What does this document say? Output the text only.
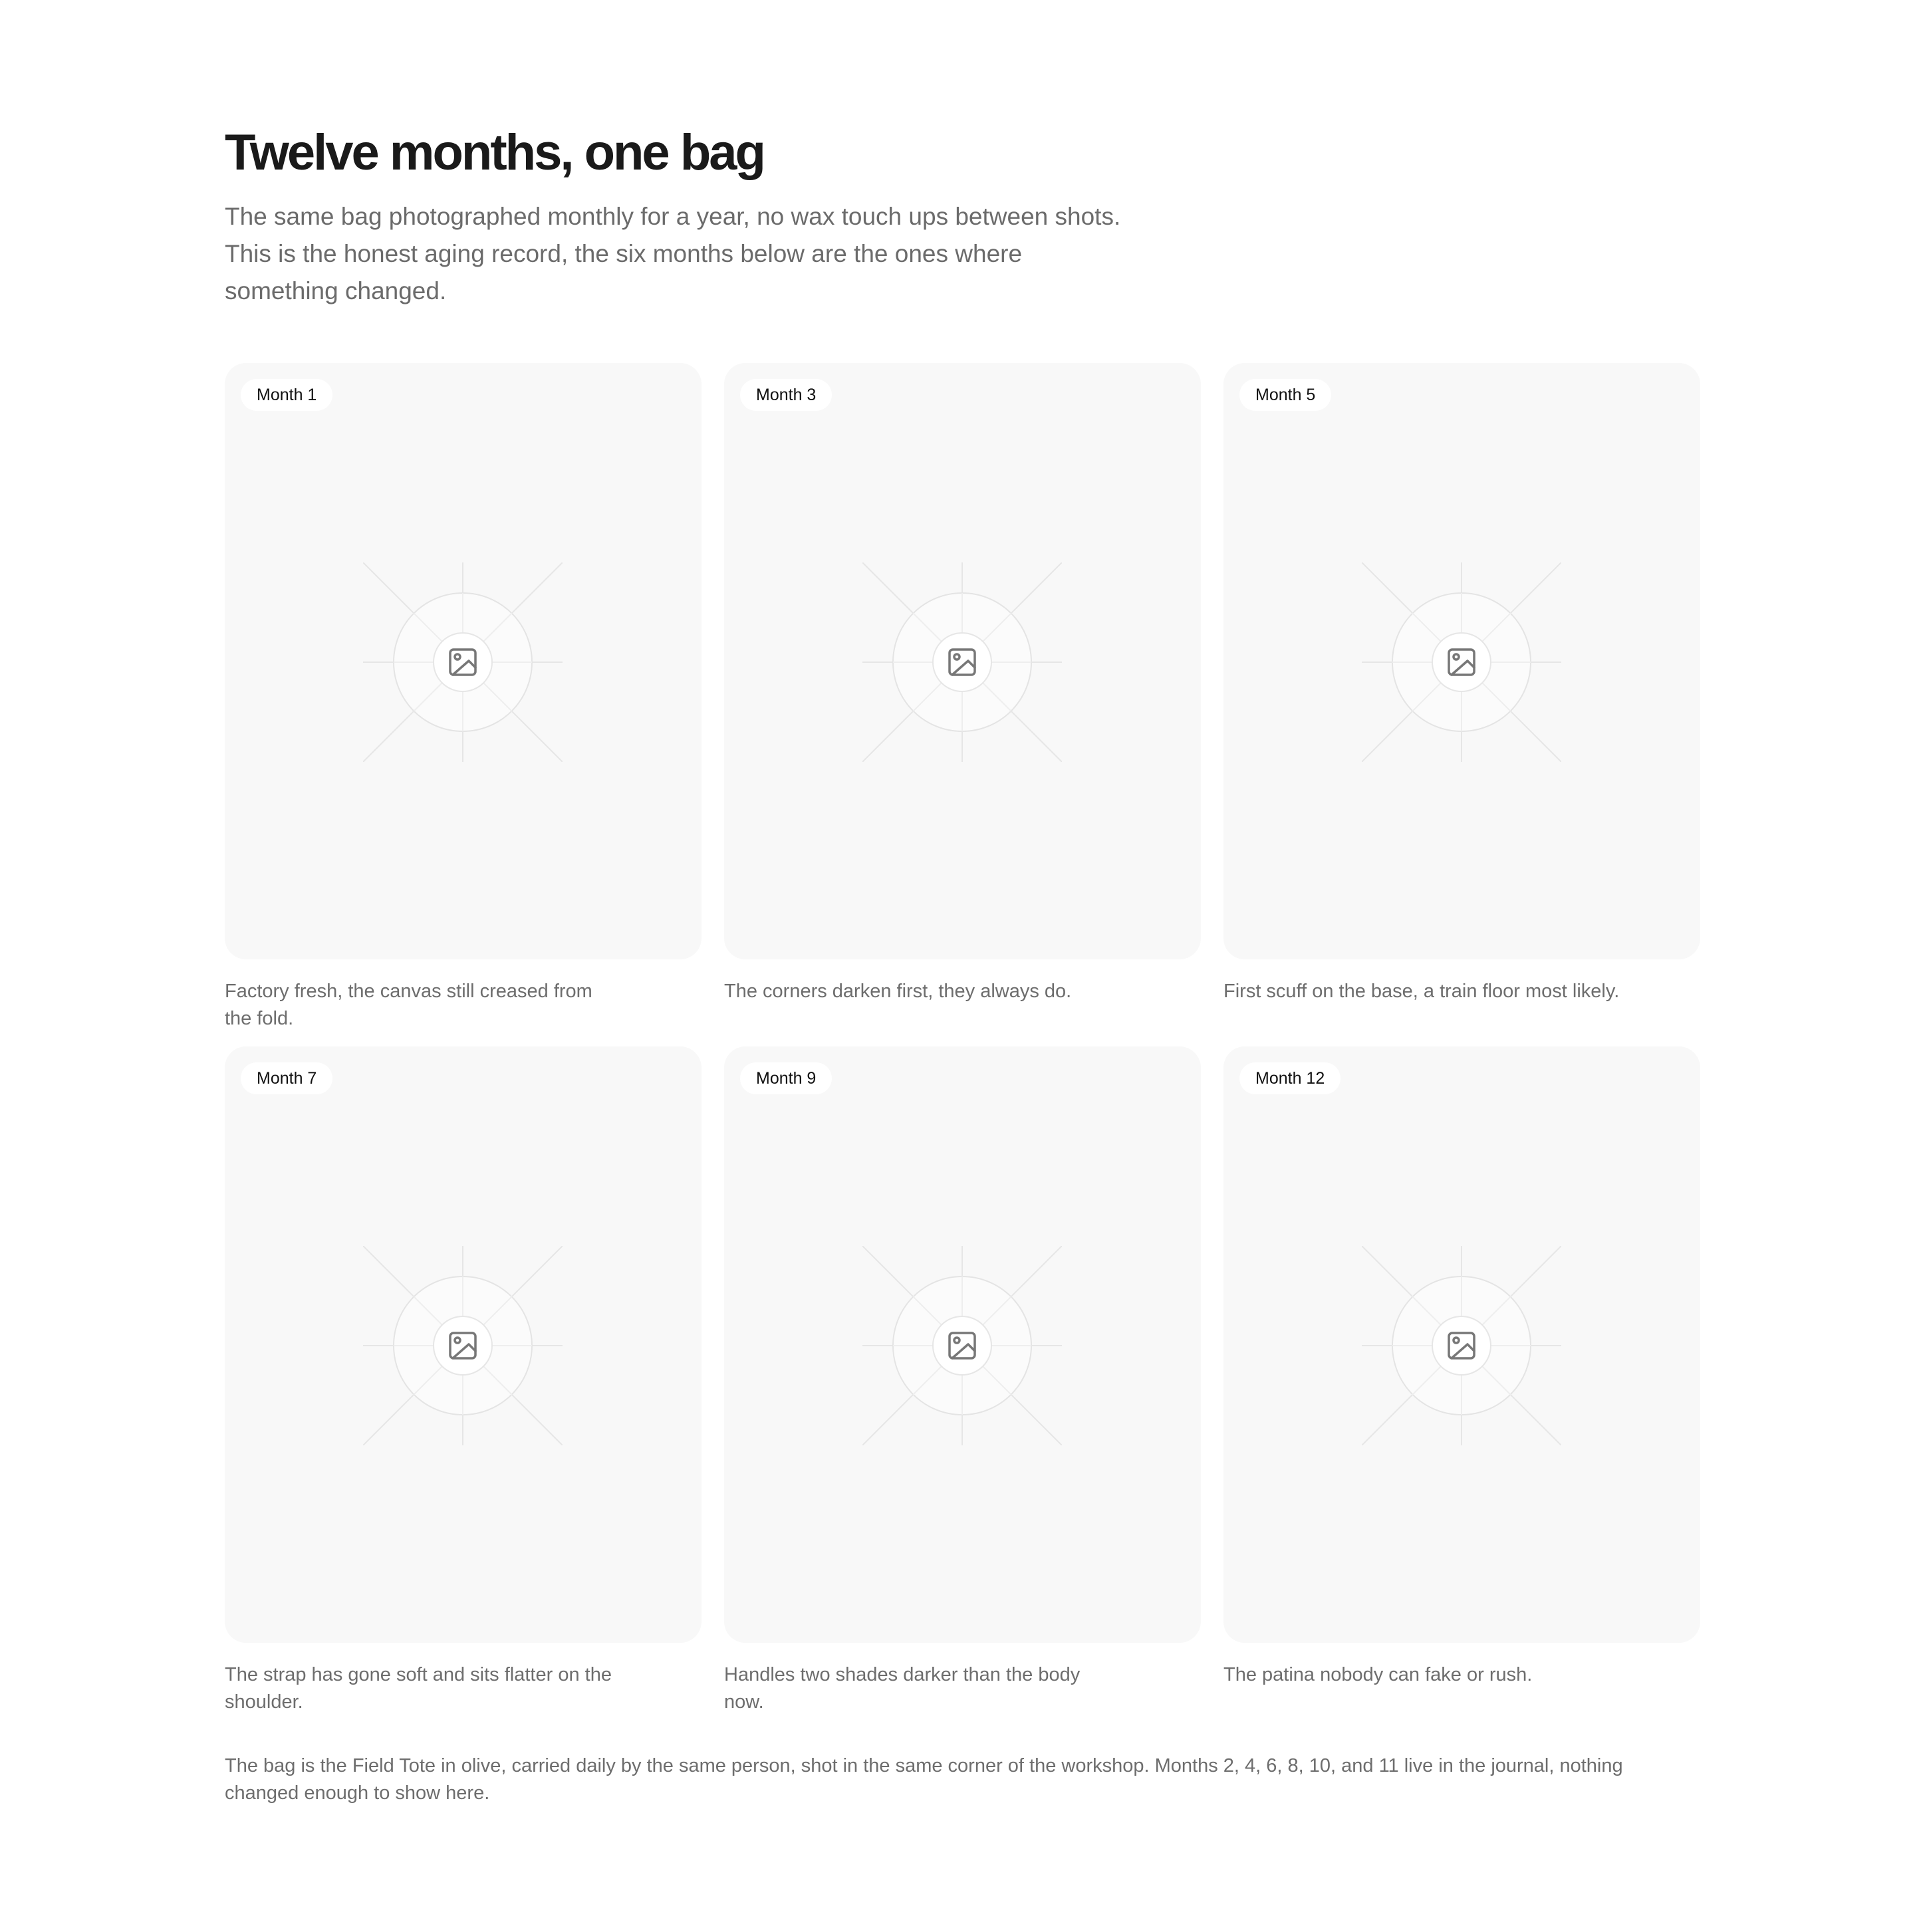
Twelve months, one bag

The same bag photographed monthly for a year, no wax touch ups between shots. This is the honest aging record, the six months below are the ones where something changed.

Month 1

Factory fresh, the canvas still creased from the fold.

Month 3

The corners darken first, they always do.

Month 5

First scuff on the base, a train floor most likely.

Month 7

The strap has gone soft and sits flatter on the shoulder.

Month 9

Handles two shades darker than the body now.

Month 12

The patina nobody can fake or rush.

The bag is the Field Tote in olive, carried daily by the same person, shot in the same corner of the workshop. Months 2, 4, 6, 8, 10, and 11 live in the journal, nothing changed enough to show here.
